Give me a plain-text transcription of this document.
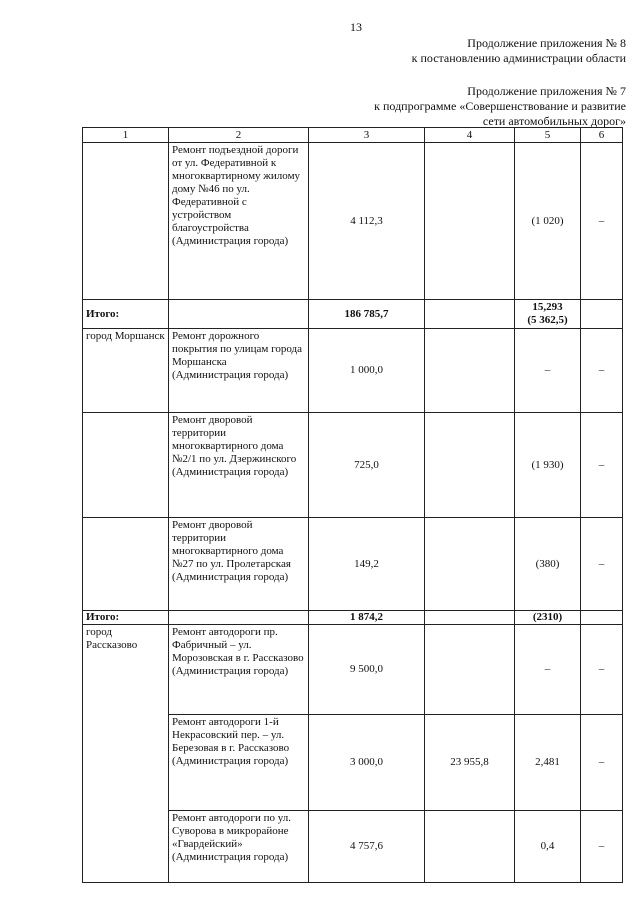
13
Продолжение приложения № 8
к постановлению администрации области
Продолжение приложения № 7
к подпрограмме «Совершенствование и развитие
сети автомобильных дорог»
1	2	3	4	5	6
	Ремонт подъездной дороги от ул. Федеративной к многоквартирному жилому дому №46 по ул. Федеративной с устройством благоустройства (Администрация города)	4 112,3		(1 020)	–
Итого:		186 785,7		15,293
(5 362,5)	
город Моршанск	Ремонт дорожного покрытия по улицам города Моршанска (Администрация города)	1 000,0		–	–
	Ремонт дворовой территории многоквартирного дома №2/1 по ул. Дзержинского (Администрация города)	725,0		(1 930)	–
	Ремонт дворовой территории многоквартирного дома №27 по ул. Пролетарская (Администрация города)	149,2		(380)	–
Итого:		1 874,2		(2310)	
город Рассказово	Ремонт автодороги пр. Фабричный – ул. Морозовская в г. Рассказово (Администрация города)	9 500,0		–	–
	Ремонт автодороги 1-й Некрасовский пер. – ул. Березовая в г. Рассказово (Администрация города)	3 000,0	23 955,8	2,481	–
	Ремонт автодороги по ул. Суворова в микрорайоне «Гвардейский» (Администрация города)	4 757,6		0,4	–
